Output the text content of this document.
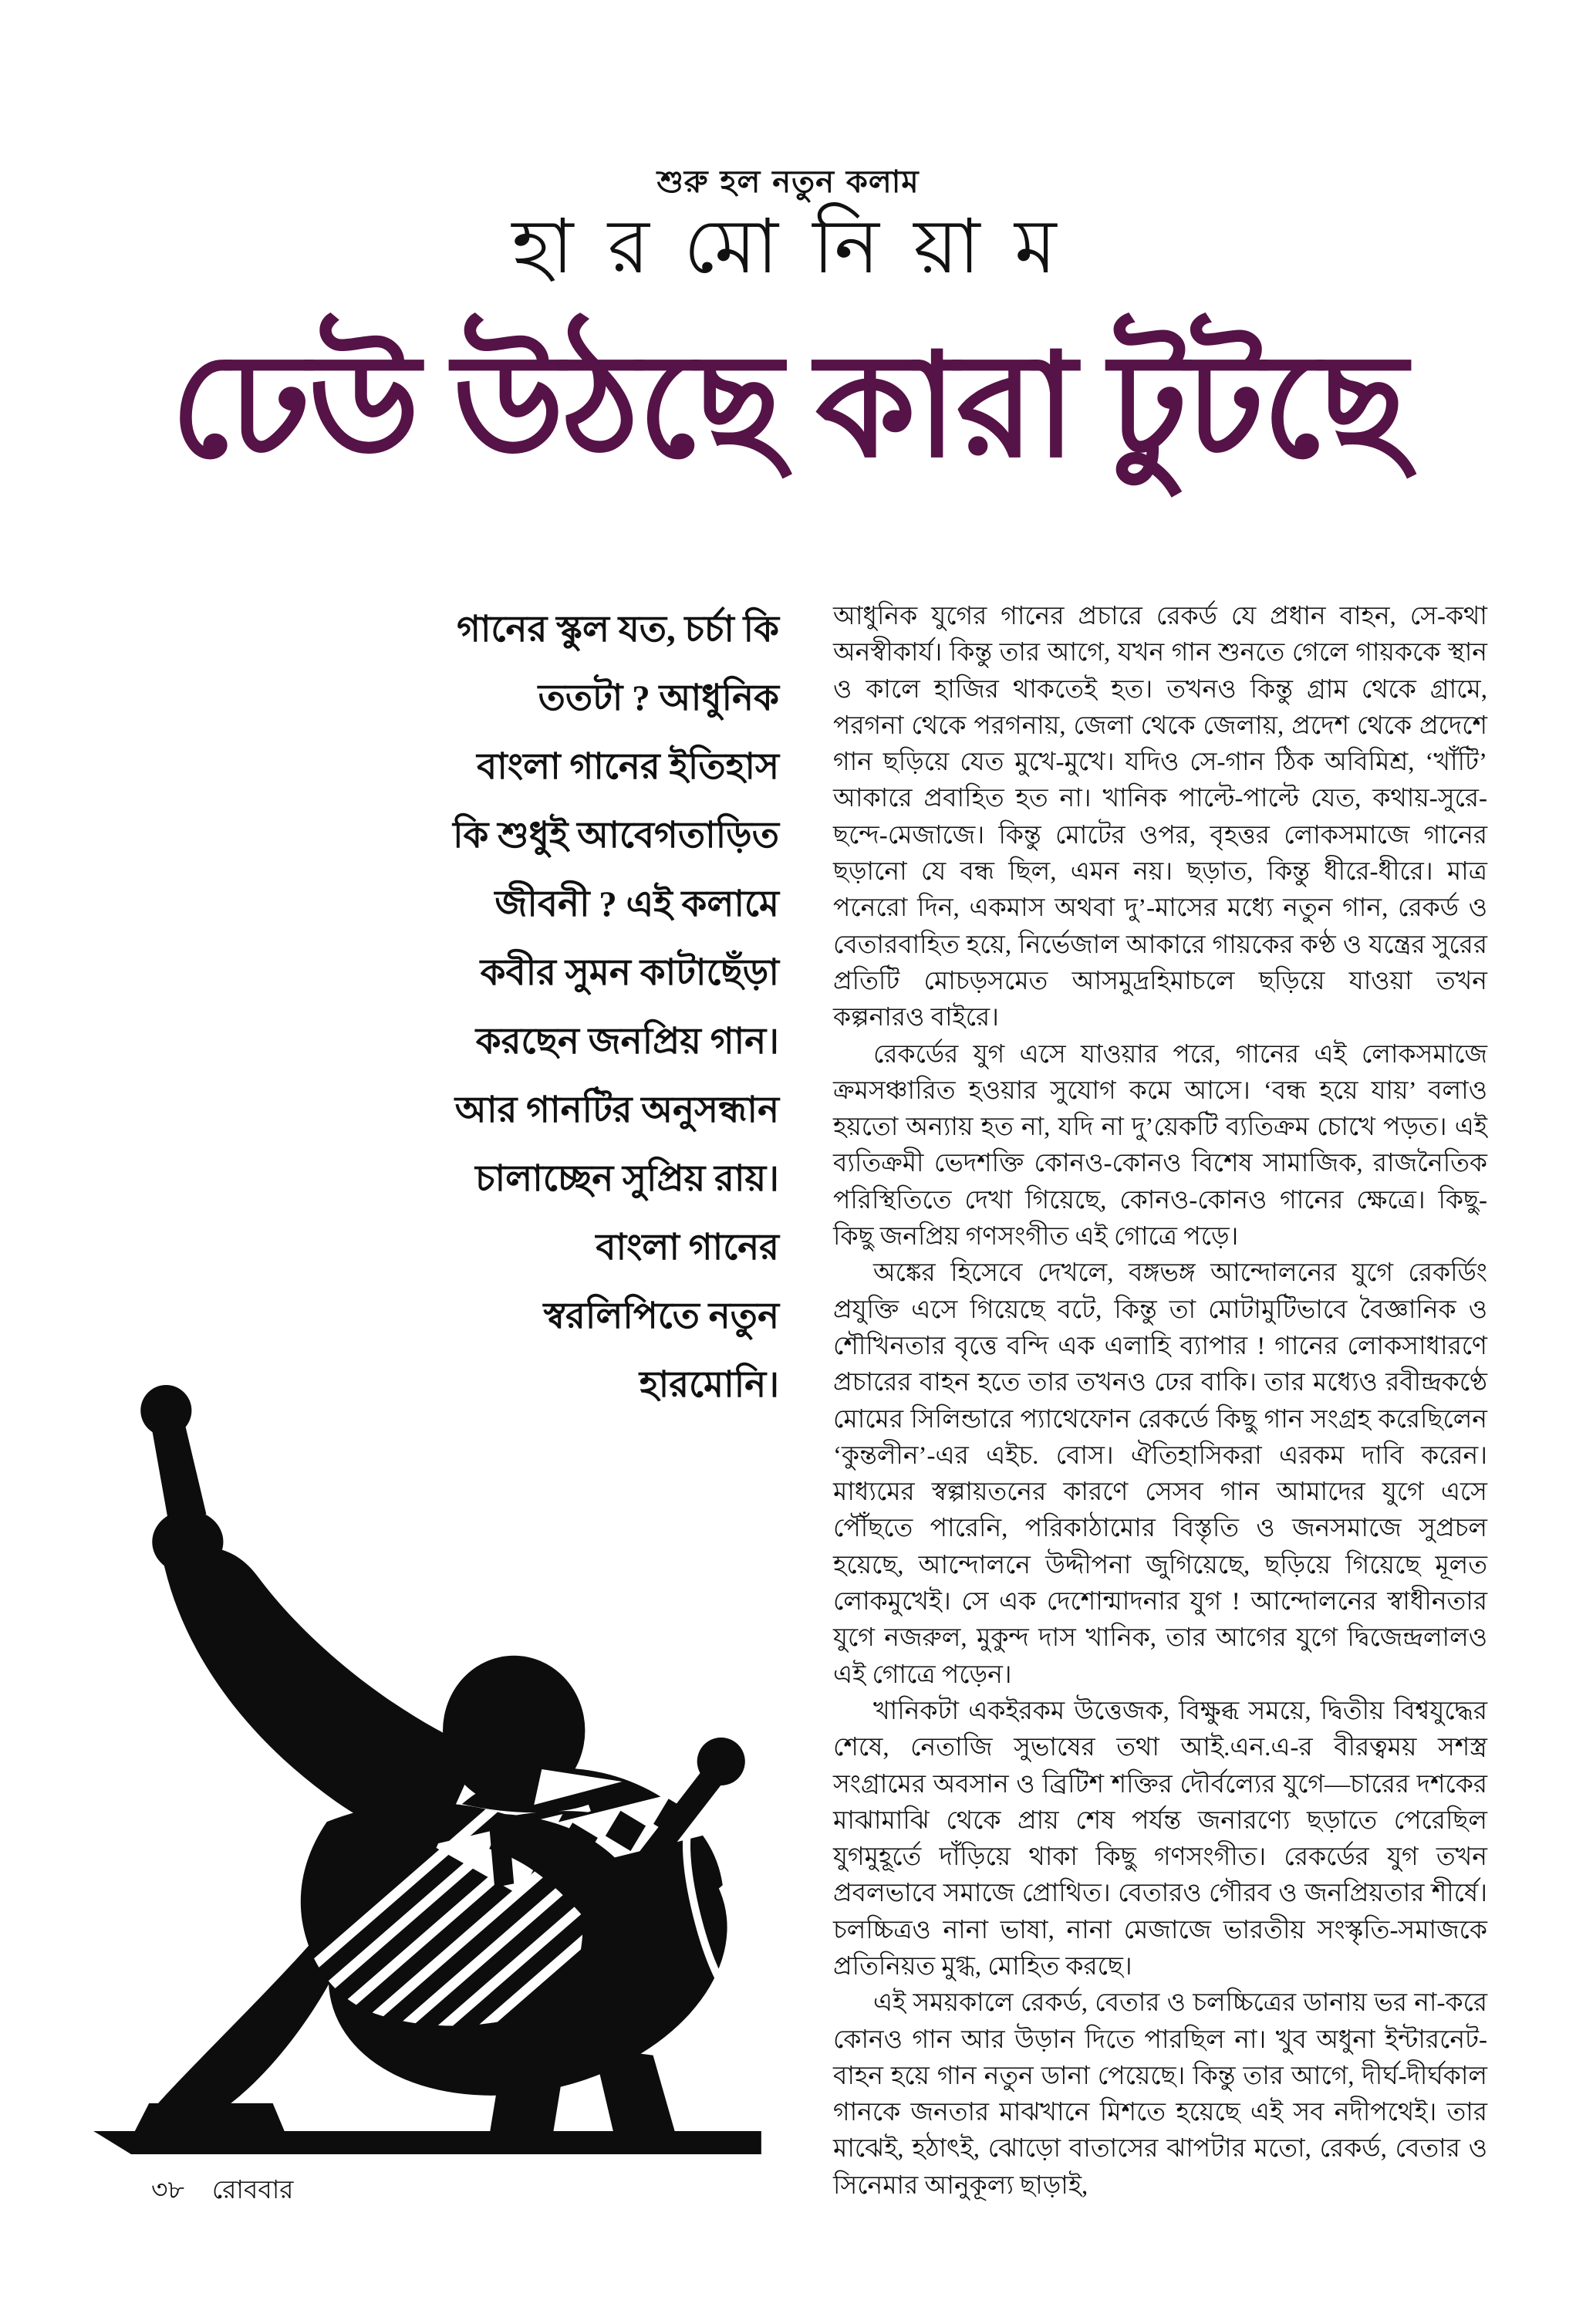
শুরু হল নতুন কলাম
হা র মো নি য়া ম
ঢেউ উঠছে কারা টুটছে
গানের স্কুল যত, চর্চা কি
ততটা ? আধুনিক
বাংলা গানের ইতিহাস
কি শুধুই আবেগতাড়িত
জীবনী ? এই কলামে
কবীর সুমন কাটাছেঁড়া
করছেন জনপ্রিয় গান।
আর গানটির অনুসন্ধান
চালাচ্ছেন সুপ্রিয় রায়।
বাংলা গানের
স্বরলিপিতে নতুন
হারমোনি।

আধুনিক যুগের গানের প্রচারে রেকর্ড যে প্রধান বাহন, সে-কথা অনস্বীকার্য। কিন্তু তার আগে, যখন গান শুনতে গেলে গায়ককে স্থান ও কালে হাজির থাকতেই হত। তখনও কিন্তু গ্রাম থেকে গ্রামে, পরগনা থেকে পরগনায়, জেলা থেকে জেলায়, প্রদেশ থেকে প্রদেশে গান ছড়িয়ে যেত মুখে-মুখে। যদিও সে-গান ঠিক অবিমিশ্র, ‘খাঁটি’ আকারে প্রবাহিত হত না। খানিক পাল্টে-পাল্টে যেত, কথায়-সুরে-ছন্দে-মেজাজে। কিন্তু মোটের ওপর, বৃহত্তর লোকসমাজে গানের ছড়ানো যে বন্ধ ছিল, এমন নয়। ছড়াত, কিন্তু ধীরে-ধীরে। মাত্র পনেরো দিন, একমাস অথবা দু’-মাসের মধ্যে নতুন গান, রেকর্ড ও বেতারবাহিত হয়ে, নির্ভেজাল আকারে গায়কের কণ্ঠ ও যন্ত্রের সুরের প্রতিটি মোচড়সমেত আসমুদ্রহিমাচলে ছড়িয়ে যাওয়া তখন কল্পনারও বাইরে।

রেকর্ডের যুগ এসে যাওয়ার পরে, গানের এই লোকসমাজে ক্রমসঞ্চারিত হওয়ার সুযোগ কমে আসে। ‘বন্ধ হয়ে যায়’ বলাও হয়তো অন্যায় হত না, যদি না দু’য়েকটি ব্যতিক্রম চোখে পড়ত। এই ব্যতিক্রমী ভেদশক্তি কোনও-কোনও বিশেষ সামাজিক, রাজনৈতিক পরিস্থিতিতে দেখা গিয়েছে, কোনও-কোনও গানের ক্ষেত্রে। কিছু-কিছু জনপ্রিয় গণসংগীত এই গোত্রে পড়ে।

অঙ্কের হিসেবে দেখলে, বঙ্গভঙ্গ আন্দোলনের যুগে রেকর্ডিং প্রযুক্তি এসে গিয়েছে বটে, কিন্তু তা মোটামুটিভাবে বৈজ্ঞানিক ও শৌখিনতার বৃত্তে বন্দি এক এলাহি ব্যাপার ! গানের লোকসাধারণে প্রচারের বাহন হতে তার তখনও ঢের বাকি। তার মধ্যেও রবীন্দ্রকণ্ঠে মোমের সিলিন্ডারে প্যাথেফোন রেকর্ডে কিছু গান সংগ্রহ করেছিলেন ‘কুন্তলীন’-এর এইচ. বোস। ঐতিহাসিকরা এরকম দাবি করেন। মাধ্যমের স্বল্পায়তনের কারণে সেসব গান আমাদের যুগে এসে পৌঁছতে পারেনি, পরিকাঠামোর বিস্তৃতি ও জনসমাজে সুপ্রচল হয়েছে, আন্দোলনে উদ্দীপনা জুগিয়েছে, ছড়িয়ে গিয়েছে মূলত লোকমুখেই। সে এক দেশোন্মাদনার যুগ ! আন্দোলনের স্বাধীনতার যুগে নজরুল, মুকুন্দ দাস খানিক, তার আগের যুগে দ্বিজেন্দ্রলালও এই গোত্রে পড়েন।

খানিকটা একইরকম উত্তেজক, বিক্ষুব্ধ সময়ে, দ্বিতীয় বিশ্বযুদ্ধের শেষে, নেতাজি সুভাষের তথা আই.এন.এ-র বীরত্বময় সশস্ত্র সংগ্রামের অবসান ও ব্রিটিশ শক্তির দৌর্বল্যের যুগে—চারের দশকের মাঝামাঝি থেকে প্রায় শেষ পর্যন্ত জনারণ্যে ছড়াতে পেরেছিল যুগমুহূর্তে দাঁড়িয়ে থাকা কিছু গণসংগীত। রেকর্ডের যুগ তখন প্রবলভাবে সমাজে প্রোথিত। বেতারও গৌরব ও জনপ্রিয়তার শীর্ষে। চলচ্চিত্রও নানা ভাষা, নানা মেজাজে ভারতীয় সংস্কৃতি-সমাজকে প্রতিনিয়ত মুগ্ধ, মোহিত করছে।

এই সময়কালে রেকর্ড, বেতার ও চলচ্চিত্রের ডানায় ভর না-করে কোনও গান আর উড়ান দিতে পারছিল না। খুব অধুনা ইন্টারনেট-বাহন হয়ে গান নতুন ডানা পেয়েছে। কিন্তু তার আগে, দীর্ঘ-দীর্ঘকাল গানকে জনতার মাঝখানে মিশতে হয়েছে এই সব নদীপথেই। তার মাঝেই, হঠাৎই, ঝোড়ো বাতাসের ঝাপটার মতো, রেকর্ড, বেতার ও সিনেমার আনুকূল্য ছাড়াই,

৩৮ রোববার
